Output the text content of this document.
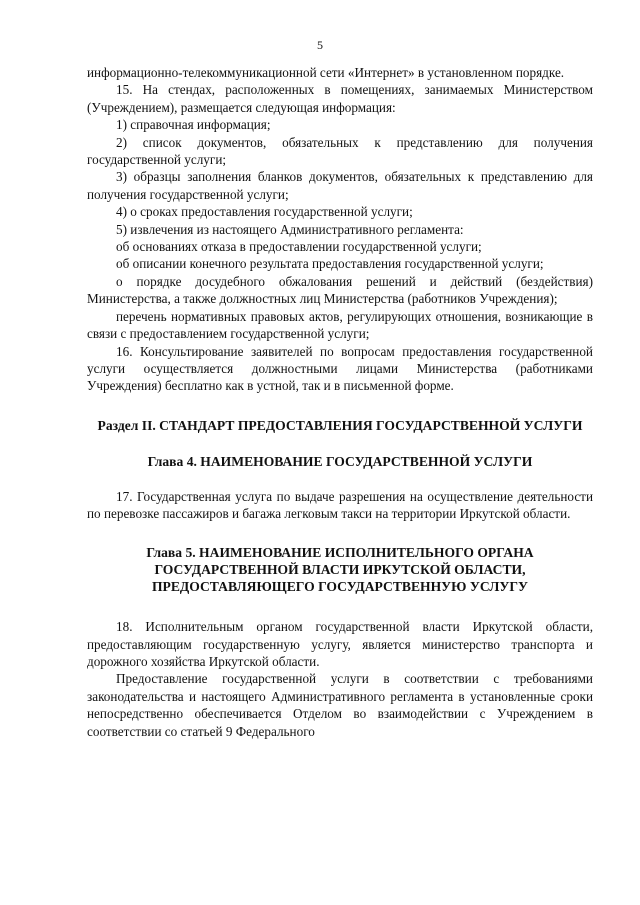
5

информационно-телекоммуникационной сети «Интернет» в установленном порядке.

15. На стендах, расположенных в помещениях, занимаемых Министерством (Учреждением), размещается следующая информация:

1) справочная информация;

2) список документов, обязательных к представлению для получения государственной услуги;

3) образцы заполнения бланков документов, обязательных к представлению для получения государственной услуги;

4) о сроках предоставления государственной услуги;

5) извлечения из настоящего Административного регламента:

об основаниях отказа в предоставлении государственной услуги;

об описании конечного результата предоставления государственной услуги;

о порядке досудебного обжалования решений и действий (бездействия) Министерства, а также должностных лиц Министерства (работников Учреждения);

перечень нормативных правовых актов, регулирующих отношения, возникающие в связи с предоставлением государственной услуги;

16. Консультирование заявителей по вопросам предоставления государственной услуги осуществляется должностными лицами Министерства (работниками Учреждения) бесплатно как в устной, так и в письменной форме.

Раздел II. СТАНДАРТ ПРЕДОСТАВЛЕНИЯ ГОСУДАРСТВЕННОЙ УСЛУГИ

Глава 4. НАИМЕНОВАНИЕ ГОСУДАРСТВЕННОЙ УСЛУГИ

17. Государственная услуга по выдаче разрешения на осуществление деятельности по перевозке пассажиров и багажа легковым такси на территории Иркутской области.

Глава 5. НАИМЕНОВАНИЕ ИСПОЛНИТЕЛЬНОГО ОРГАНА
ГОСУДАРСТВЕННОЙ ВЛАСТИ ИРКУТСКОЙ ОБЛАСТИ,
ПРЕДОСТАВЛЯЮЩЕГО ГОСУДАРСТВЕННУЮ УСЛУГУ

18. Исполнительным органом государственной власти Иркутской области, предоставляющим государственную услугу, является министерство транспорта и дорожного хозяйства Иркутской области.

Предоставление государственной услуги в соответствии с требованиями законодательства и настоящего Административного регламента в установленные сроки непосредственно обеспечивается Отделом во взаимодействии с Учреждением в соответствии со статьей 9 Федерального
